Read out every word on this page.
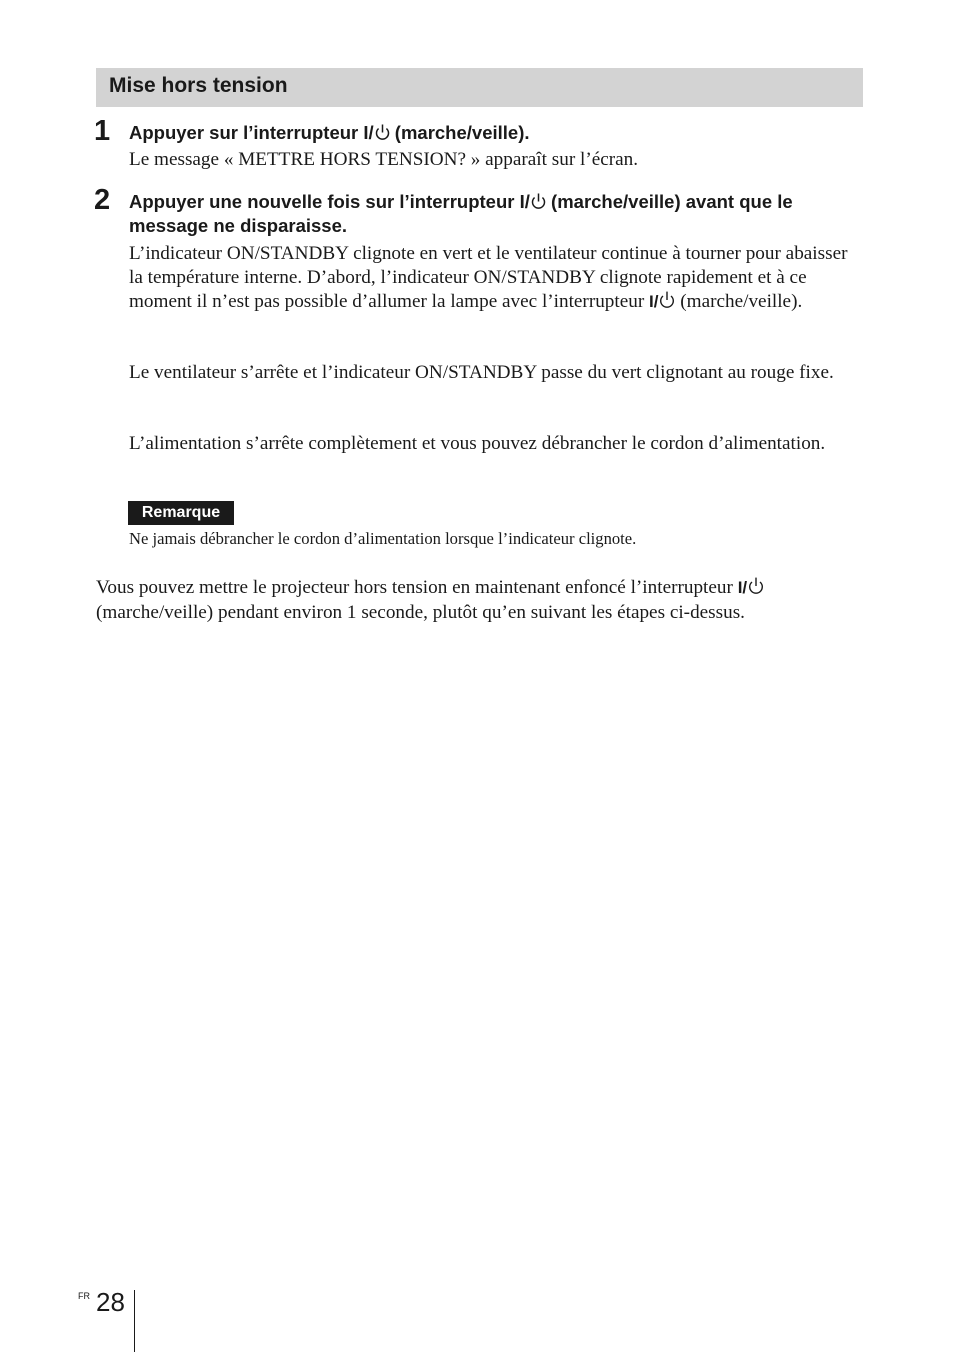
Mise hors tension
1 Appuyer sur l’interrupteur I/ (marche/veille).
Le message « METTRE HORS TENSION? » apparaît sur l’écran.
2 Appuyer une nouvelle fois sur l’interrupteur I/ (marche/veille) avant que le message ne disparaisse.
L’indicateur ON/STANDBY clignote en vert et le ventilateur continue à tourner pour abaisser la température interne. D’abord, l’indicateur ON/STANDBY clignote rapidement et à ce moment il n’est pas possible d’allumer la lampe avec l’interrupteur I/ (marche/veille).
Le ventilateur s’arrête et l’indicateur ON/STANDBY passe du vert clignotant au rouge fixe.
L’alimentation s’arrête complètement et vous pouvez débrancher le cordon d’alimentation.
Remarque
Ne jamais débrancher le cordon d’alimentation lorsque l’indicateur clignote.
Vous pouvez mettre le projecteur hors tension en maintenant enfoncé l’interrupteur I/ (marche/veille) pendant environ 1 seconde, plutôt qu’en suivant les étapes ci-dessus.
FR 28
